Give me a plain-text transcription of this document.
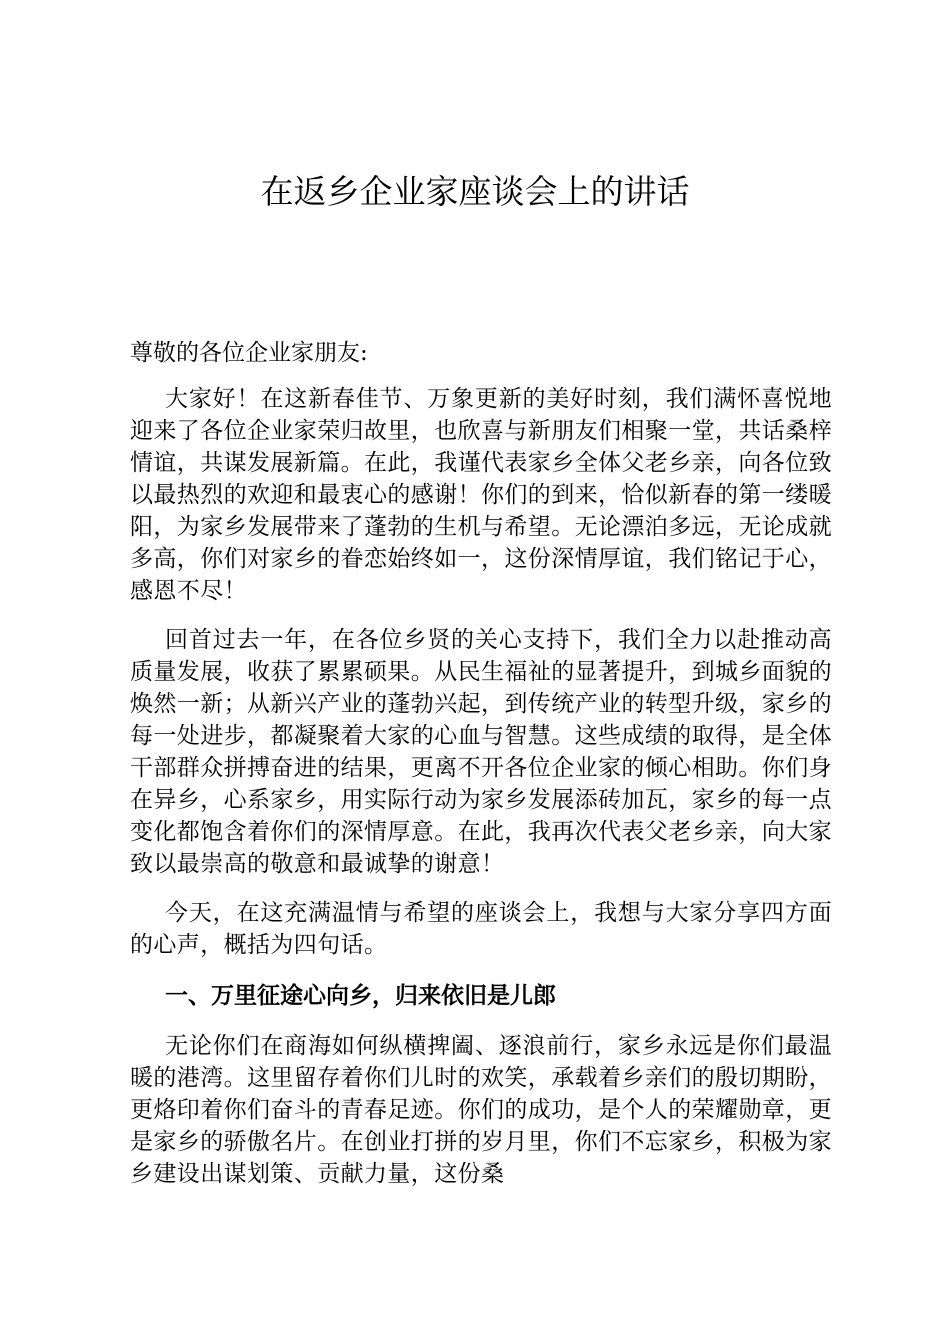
在返乡企业家座谈会上的讲话

尊敬的各位企业家朋友:

大家好！在这新春佳节、万象更新的美好时刻，我们满怀喜悦地迎来了各位企业家荣归故里，也欣喜与新朋友们相聚一堂，共话桑梓情谊，共谋发展新篇。在此，我谨代表家乡全体父老乡亲，向各位致以最热烈的欢迎和最衷心的感谢！你们的到来，恰似新春的第一缕暖阳，为家乡发展带来了蓬勃的生机与希望。无论漂泊多远，无论成就多高，你们对家乡的眷恋始终如一，这份深情厚谊，我们铭记于心，感恩不尽！

回首过去一年，在各位乡贤的关心支持下，我们全力以赴推动高质量发展，收获了累累硕果。从民生福祉的显著提升，到城乡面貌的焕然一新；从新兴产业的蓬勃兴起，到传统产业的转型升级，家乡的每一处进步，都凝聚着大家的心血与智慧。这些成绩的取得，是全体干部群众拼搏奋进的结果，更离不开各位企业家的倾心相助。你们身在异乡，心系家乡，用实际行动为家乡发展添砖加瓦，家乡的每一点变化都饱含着你们的深情厚意。在此，我再次代表父老乡亲，向大家致以最崇高的敬意和最诚挚的谢意！

今天，在这充满温情与希望的座谈会上，我想与大家分享四方面的心声，概括为四句话。

一、万里征途心向乡，归来依旧是儿郎

无论你们在商海如何纵横捭阖、逐浪前行，家乡永远是你们最温暖的港湾。这里留存着你们儿时的欢笑，承载着乡亲们的殷切期盼，更烙印着你们奋斗的青春足迹。你们的成功，是个人的荣耀勋章，更是家乡的骄傲名片。在创业打拼的岁月里，你们不忘家乡，积极为家乡建设出谋划策、贡献力量，这份桑
